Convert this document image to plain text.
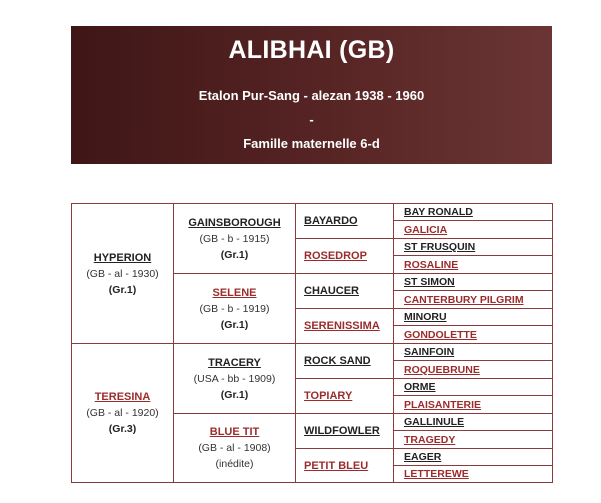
ALIBHAI (GB)
Etalon Pur-Sang - alezan 1938 - 1960
-
Famille maternelle 6-d
HYPERION
(GB - al - 1930)
(Gr.1)
TERESINA
(GB - al - 1920)
(Gr.3)
GAINSBOROUGH
(GB - b - 1915)
(Gr.1)
SELENE
(GB - b - 1919)
(Gr.1)
TRACERY
(USA - bb - 1909)
(Gr.1)
BLUE TIT
(GB - al - 1908)
(inédite)
BAYARDO
ROSEDROP
CHAUCER
SERENISSIMA
ROCK SAND
TOPIARY
WILDFOWLER
PETIT BLEU
BAY RONALD
GALICIA
ST FRUSQUIN
ROSALINE
ST SIMON
CANTERBURY PILGRIM
MINORU
GONDOLETTE
SAINFOIN
ROQUEBRUNE
ORME
PLAISANTERIE
GALLINULE
TRAGEDY
EAGER
LETTEREWE
